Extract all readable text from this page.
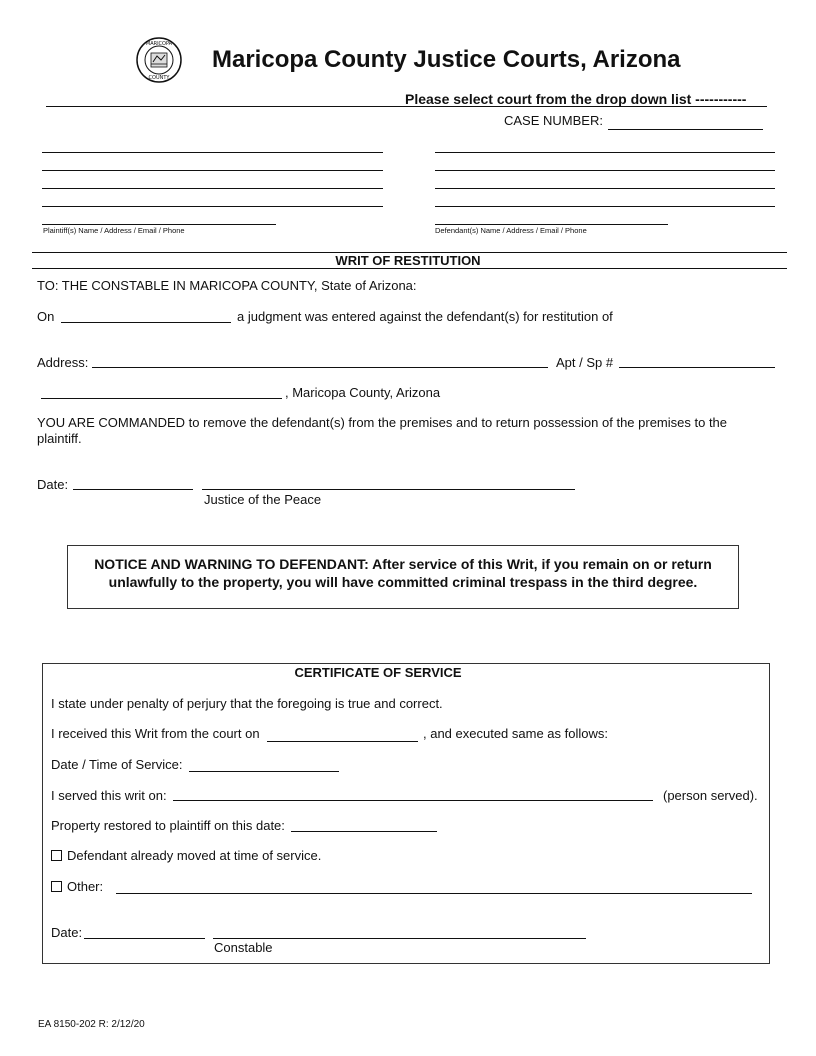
MARICOPA
COUNTY
Maricopa County Justice Courts, Arizona
Please select court from the drop down list -----------
CASE NUMBER:
Plaintiff(s) Name / Address / Email / Phone	Defendant(s) Name / Address / Email / Phone
WRIT OF RESTITUTION
TO: THE CONSTABLE IN MARICOPA COUNTY, State of Arizona:
On	a judgment was entered against the defendant(s) for restitution of
Address:	Apt / Sp #
, Maricopa County, Arizona
YOU ARE COMMANDED to remove the defendant(s) from the premises and to return possession of the premises to the plaintiff.
Date:
Justice of the Peace
NOTICE AND WARNING TO DEFENDANT: After service of this Writ, if you remain on or return unlawfully to the property, you will have committed criminal trespass in the third degree.
CERTIFICATE OF SERVICE
I state under penalty of perjury that the foregoing is true and correct.
I received this Writ from the court on	, and executed same as follows:
Date / Time of Service:
I served this writ on:	(person served).
Property restored to plaintiff on this date:
Defendant already moved at time of service.
Other:
Date:
Constable
EA 8150-202 R: 2/12/20
